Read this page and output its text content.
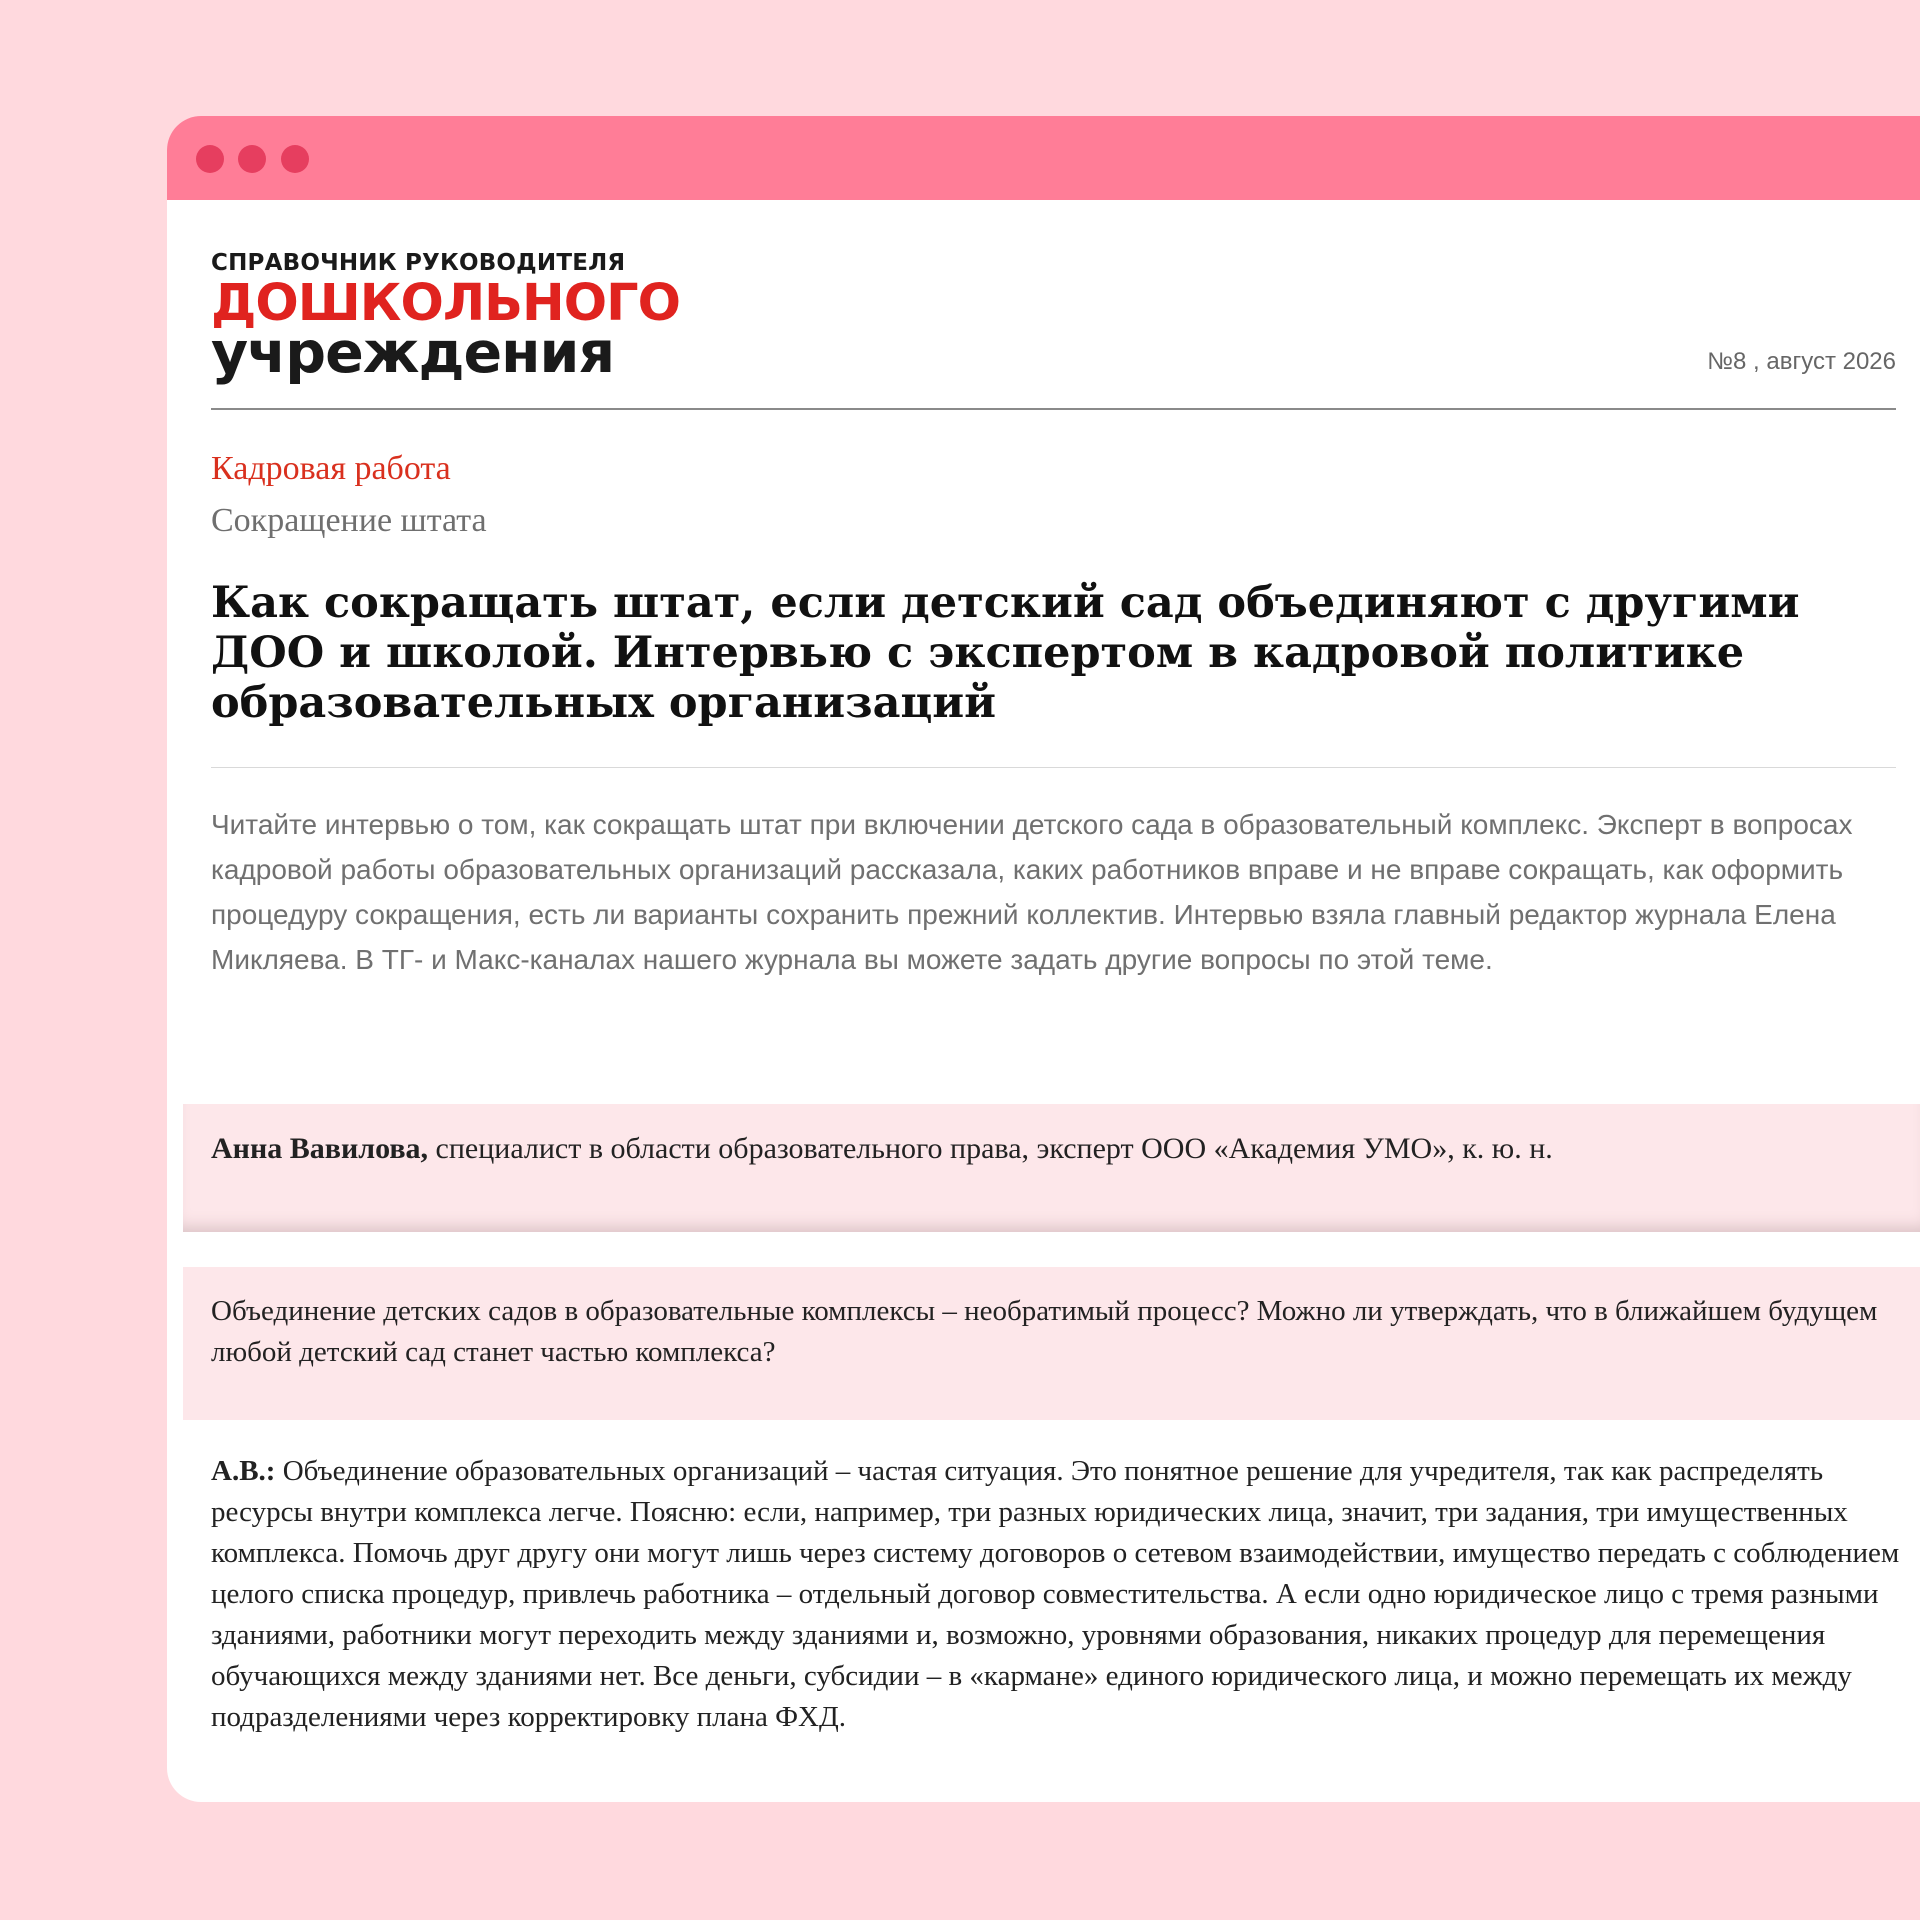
СПРАВОЧНИК РУКОВОДИТЕЛЯ
ДОШКОЛЬНОГО
учреждения	№8 , август 2026
Кадровая работа
Сокращение штата
Как сокращать штат, если детский сад объединяют с другими ДОО и школой. Интервью с экспертом в кадровой политике образовательных организаций

Читайте интервью о том, как сокращать штат при включении детского сада в образовательный комплекс. Эксперт в вопросах кадровой работы образовательных организаций рассказала, каких работников вправе и не вправе сокращать, как оформить процедуру сокращения, есть ли варианты сохранить прежний коллектив. Интервью взяла главный редактор журнала Елена Микляева. В ТГ- и Макс-каналах нашего журнала вы можете задать другие вопросы по этой теме.

Анна Вавилова, специалист в области образовательного права, эксперт ООО «Академия УМО», к. ю. н.

Объединение детских садов в образовательные комплексы – необратимый процесс? Можно ли утверждать, что в ближайшем будущем любой детский сад станет частью комплекса?

А.В.: Объединение образовательных организаций – частая ситуация. Это понятное решение для учредителя, так как распределять ресурсы внутри комплекса легче. Поясню: если, например, три разных юридических лица, значит, три задания, три имущественных комплекса. Помочь друг другу они могут лишь через систему договоров о сетевом взаимодействии, имущество передать с соблюдением целого списка процедур, привлечь работника – отдельный договор совместительства. А если одно юридическое лицо с тремя разными зданиями, работники могут переходить между зданиями и, возможно, уровнями образования, никаких процедур для перемещения обучающихся между зданиями нет. Все деньги, субсидии – в «кармане» единого юридического лица, и можно перемещать их между подразделениями через корректировку плана ФХД.
